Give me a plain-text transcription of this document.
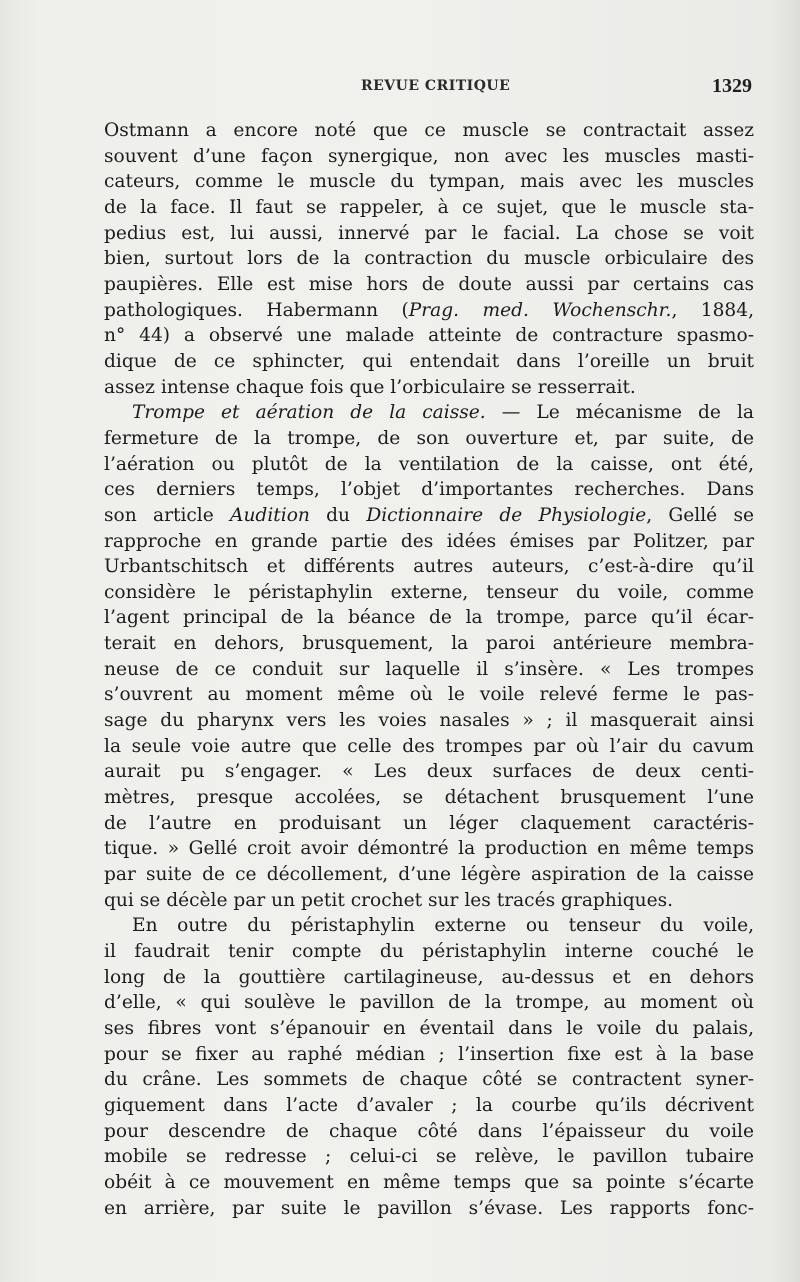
REVUE CRITIQUE	1329
Ostmann a encore noté que ce muscle se contractait assez
souvent d’une façon synergique, non avec les muscles masti-
cateurs, comme le muscle du tympan, mais avec les muscles
de la face. Il faut se rappeler, à ce sujet, que le muscle sta-
pedius est, lui aussi, innervé par le facial. La chose se voit
bien, surtout lors de la contraction du muscle orbiculaire des
paupières. Elle est mise hors de doute aussi par certains cas
pathologiques. Habermann (Prag. med. Wochenschr., 1884,
n° 44) a observé une malade atteinte de contracture spasmo-
dique de ce sphincter, qui entendait dans l’oreille un bruit
assez intense chaque fois que l’orbiculaire se resserrait.
Trompe et aération de la caisse. — Le mécanisme de la
fermeture de la trompe, de son ouverture et, par suite, de
l’aération ou plutôt de la ventilation de la caisse, ont été,
ces derniers temps, l’objet d’importantes recherches. Dans
son article Audition du Dictionnaire de Physiologie, Gellé se
rapproche en grande partie des idées émises par Politzer, par
Urbantschitsch et différents autres auteurs, c’est-à-dire qu’il
considère le péristaphylin externe, tenseur du voile, comme
l’agent principal de la béance de la trompe, parce qu’il écar-
terait en dehors, brusquement, la paroi antérieure membra-
neuse de ce conduit sur laquelle il s’insère. « Les trompes
s’ouvrent au moment même où le voile relevé ferme le pas-
sage du pharynx vers les voies nasales » ; il masquerait ainsi
la seule voie autre que celle des trompes par où l’air du cavum
aurait pu s’engager. « Les deux surfaces de deux centi-
mètres, presque accolées, se détachent brusquement l’une
de l’autre en produisant un léger claquement caractéris-
tique. » Gellé croit avoir démontré la production en même temps
par suite de ce décollement, d’une légère aspiration de la caisse
qui se décèle par un petit crochet sur les tracés graphiques.
En outre du péristaphylin externe ou tenseur du voile,
il faudrait tenir compte du péristaphylin interne couché le
long de la gouttière cartilagineuse, au-dessus et en dehors
d’elle, « qui soulève le pavillon de la trompe, au moment où
ses fibres vont s’épanouir en éventail dans le voile du palais,
pour se fixer au raphé médian ; l’insertion fixe est à la base
du crâne. Les sommets de chaque côté se contractent syner-
giquement dans l’acte d’avaler ; la courbe qu’ils décrivent
pour descendre de chaque côté dans l’épaisseur du voile
mobile se redresse ; celui-ci se relève, le pavillon tubaire
obéit à ce mouvement en même temps que sa pointe s’écarte
en arrière, par suite le pavillon s’évase. Les rapports fonc-
